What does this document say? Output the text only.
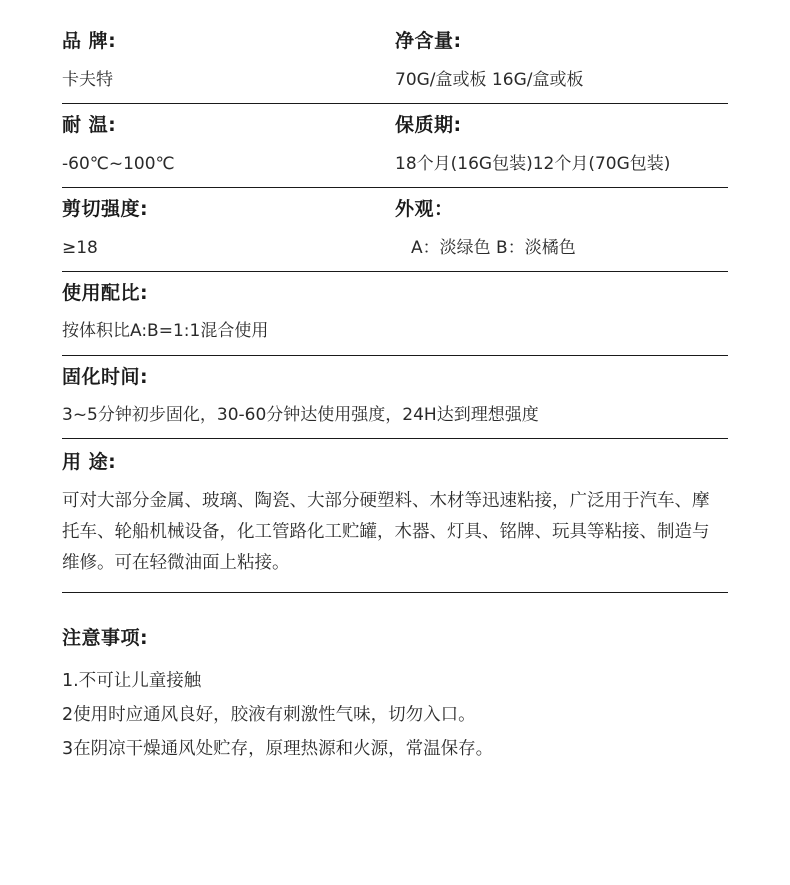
品 牌:
卡夫特
净含量:
70G/盒或板 16G/盒或板
耐 温:
-60℃~100℃
保质期:
18个月(16G包装)12个月(70G包装)
剪切强度:
≥18
外观：
A：淡绿色 B：淡橘色
使用配比:
按体积比A:B=1:1混合使用
固化时间:
3~5分钟初步固化，30-60分钟达使用强度，24H达到理想强度
用 途:
可对大部分金属、玻璃、陶瓷、大部分硬塑料、木材等迅速粘接，广泛用于汽车、摩托车、轮船机械设备，化工管路化工贮罐，木器、灯具、铭牌、玩具等粘接、制造与维修。可在轻微油面上粘接。
注意事项:
1.不可让儿童接触
2使用时应通风良好，胶液有刺激性气味，切勿入口。
3在阴凉干燥通风处贮存，原理热源和火源，常温保存。
